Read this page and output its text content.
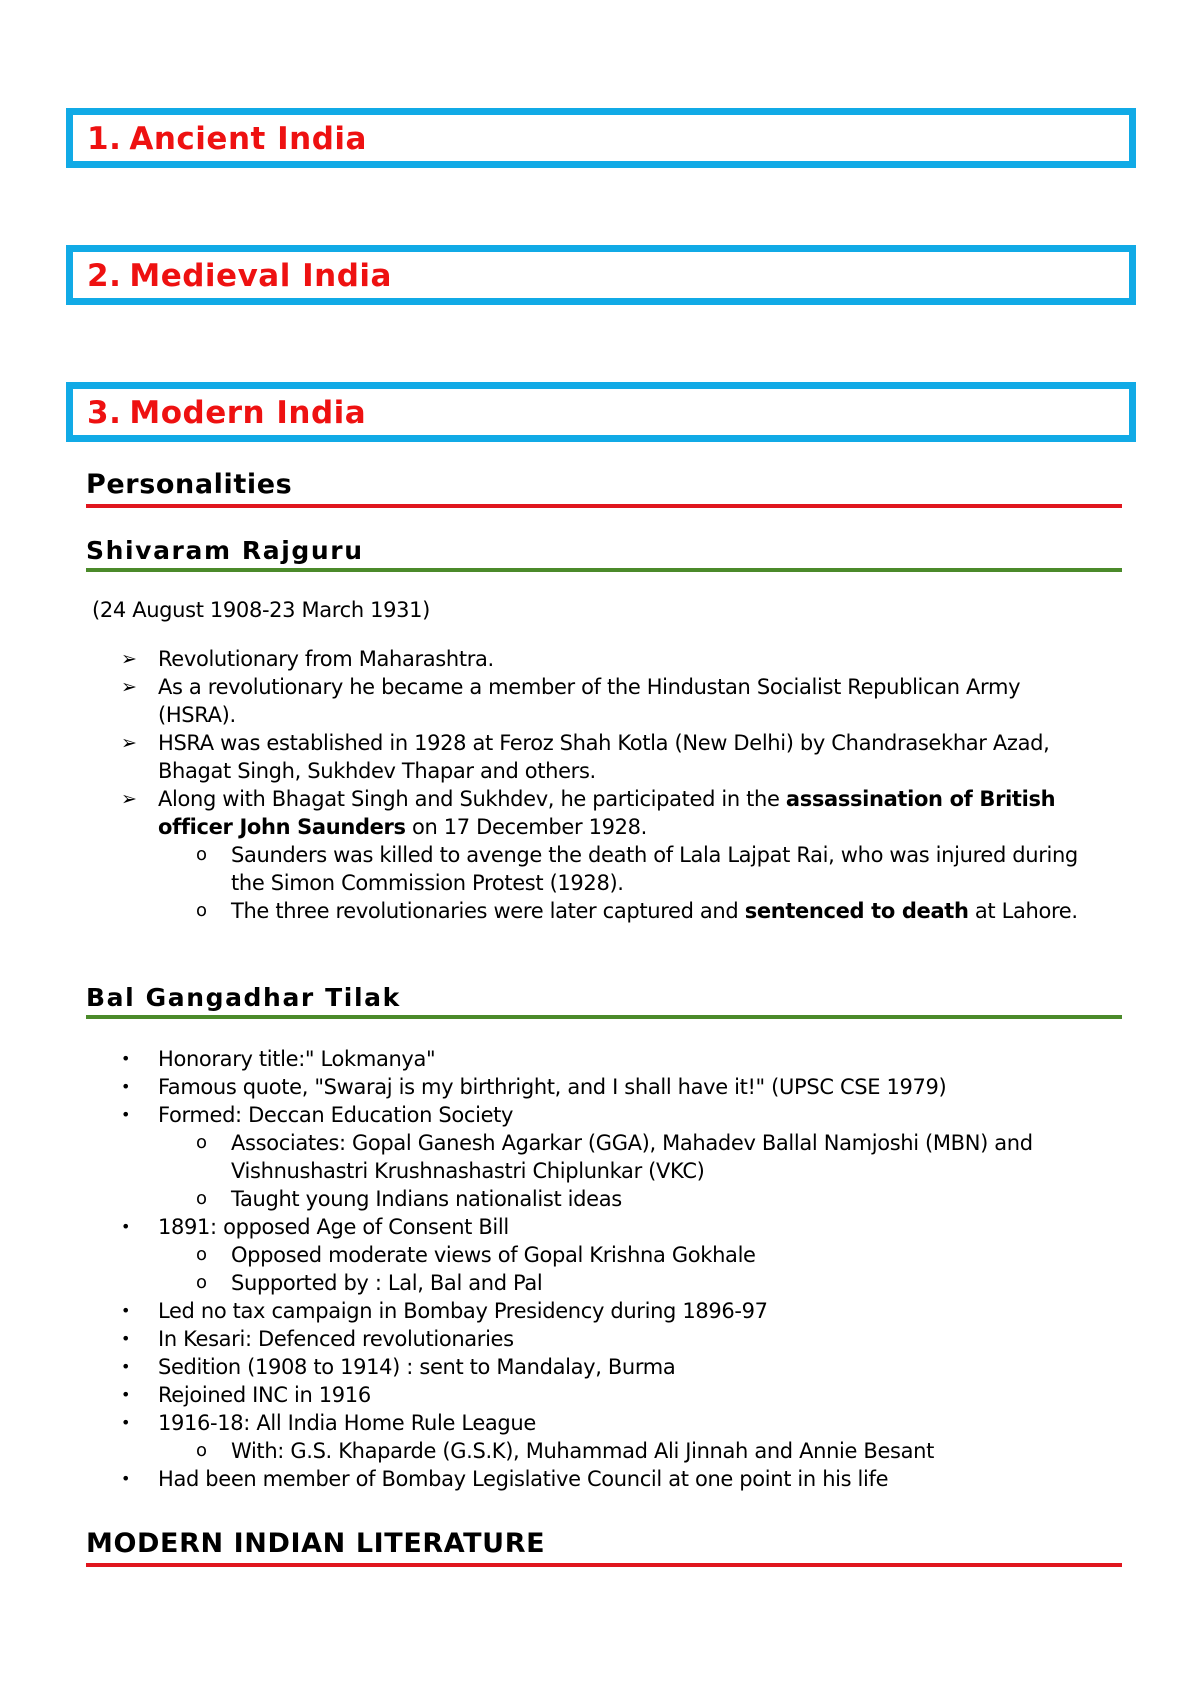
1. Ancient India
2. Medieval India
3. Modern India
Personalities
Shivaram Rajguru
(24 August 1908-23 March 1931)
➢ Revolutionary from Maharashtra.
➢ As a revolutionary he became a member of the Hindustan Socialist Republican Army (HSRA).
➢ HSRA was established in 1928 at Feroz Shah Kotla (New Delhi) by Chandrasekhar Azad, Bhagat Singh, Sukhdev Thapar and others.
➢ Along with Bhagat Singh and Sukhdev, he participated in the assassination of British officer John Saunders on 17 December 1928.
o Saunders was killed to avenge the death of Lala Lajpat Rai, who was injured during the Simon Commission Protest (1928).
o The three revolutionaries were later captured and sentenced to death at Lahore.
Bal Gangadhar Tilak
• Honorary title:" Lokmanya"
• Famous quote, "Swaraj is my birthright, and I shall have it!" (UPSC CSE 1979)
• Formed: Deccan Education Society
o Associates: Gopal Ganesh Agarkar (GGA), Mahadev Ballal Namjoshi (MBN) and Vishnushastri Krushnashastri Chiplunkar (VKC)
o Taught young Indians nationalist ideas
• 1891: opposed Age of Consent Bill
o Opposed moderate views of Gopal Krishna Gokhale
o Supported by : Lal, Bal and Pal
• Led no tax campaign in Bombay Presidency during 1896-97
• In Kesari: Defenced revolutionaries
• Sedition (1908 to 1914) : sent to Mandalay, Burma
• Rejoined INC in 1916
• 1916-18: All India Home Rule League
o With: G.S. Khaparde (G.S.K), Muhammad Ali Jinnah and Annie Besant
• Had been member of Bombay Legislative Council at one point in his life
MODERN INDIAN LITERATURE
